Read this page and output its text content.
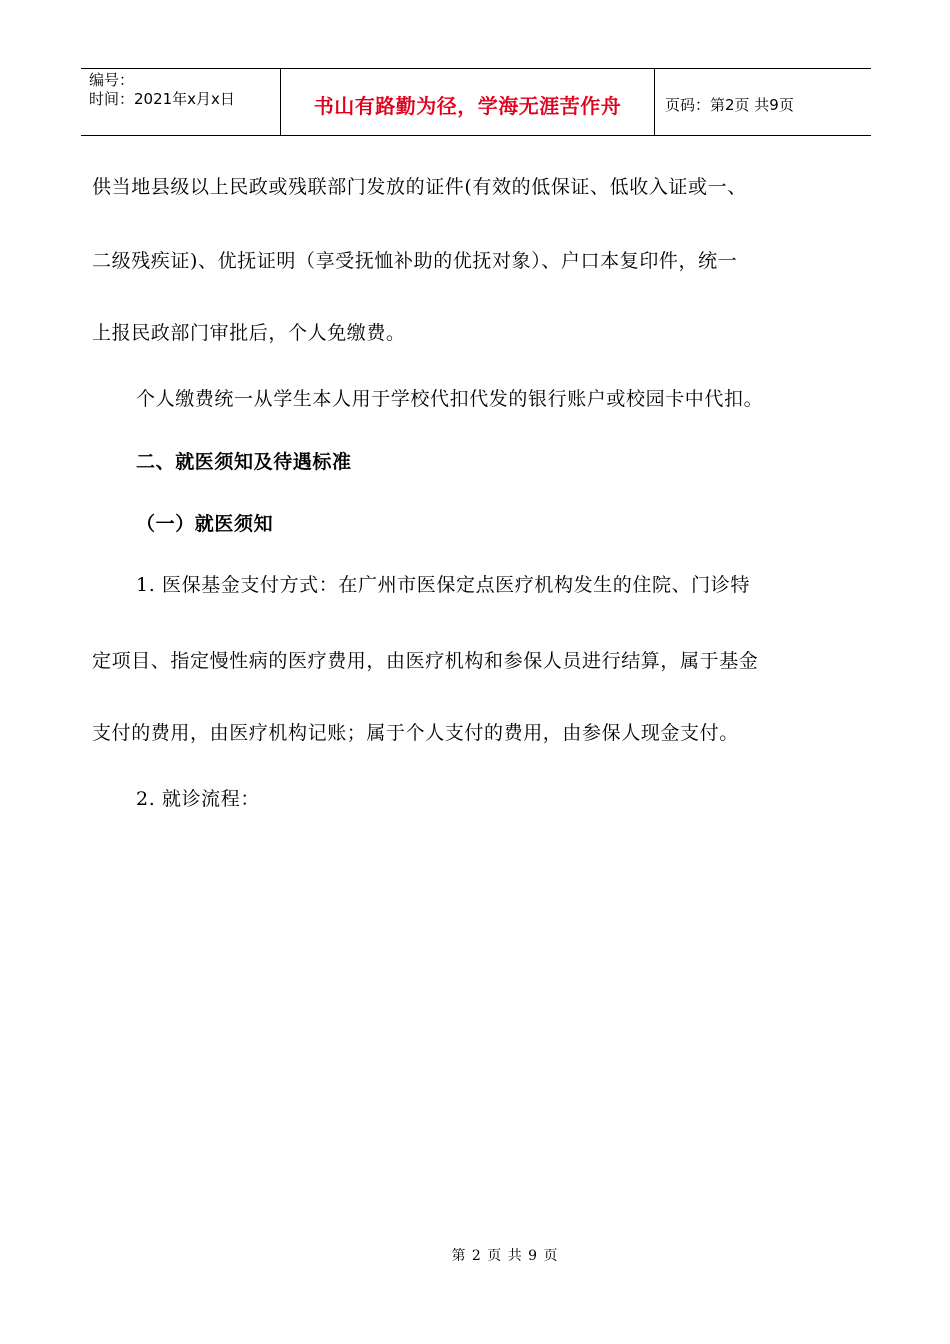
编号：
时间：2021年x月x日	书山有路勤为径，学海无涯苦作舟	页码：第2页 共9页
供当地县级以上民政或残联部门发放的证件(有效的低保证、低收入证或一、
二级残疾证)、优抚证明（享受抚恤补助的优抚对象）、户口本复印件，统一
上报民政部门审批后，个人免缴费。
个人缴费统一从学生本人用于学校代扣代发的银行账户或校园卡中代扣。
二、就医须知及待遇标准
（一）就医须知
1. 医保基金支付方式：在广州市医保定点医疗机构发生的住院、门诊特
定项目、指定慢性病的医疗费用，由医疗机构和参保人员进行结算，属于基金
支付的费用，由医疗机构记账；属于个人支付的费用，由参保人现金支付。
2. 就诊流程：
第 2 页 共 9 页
